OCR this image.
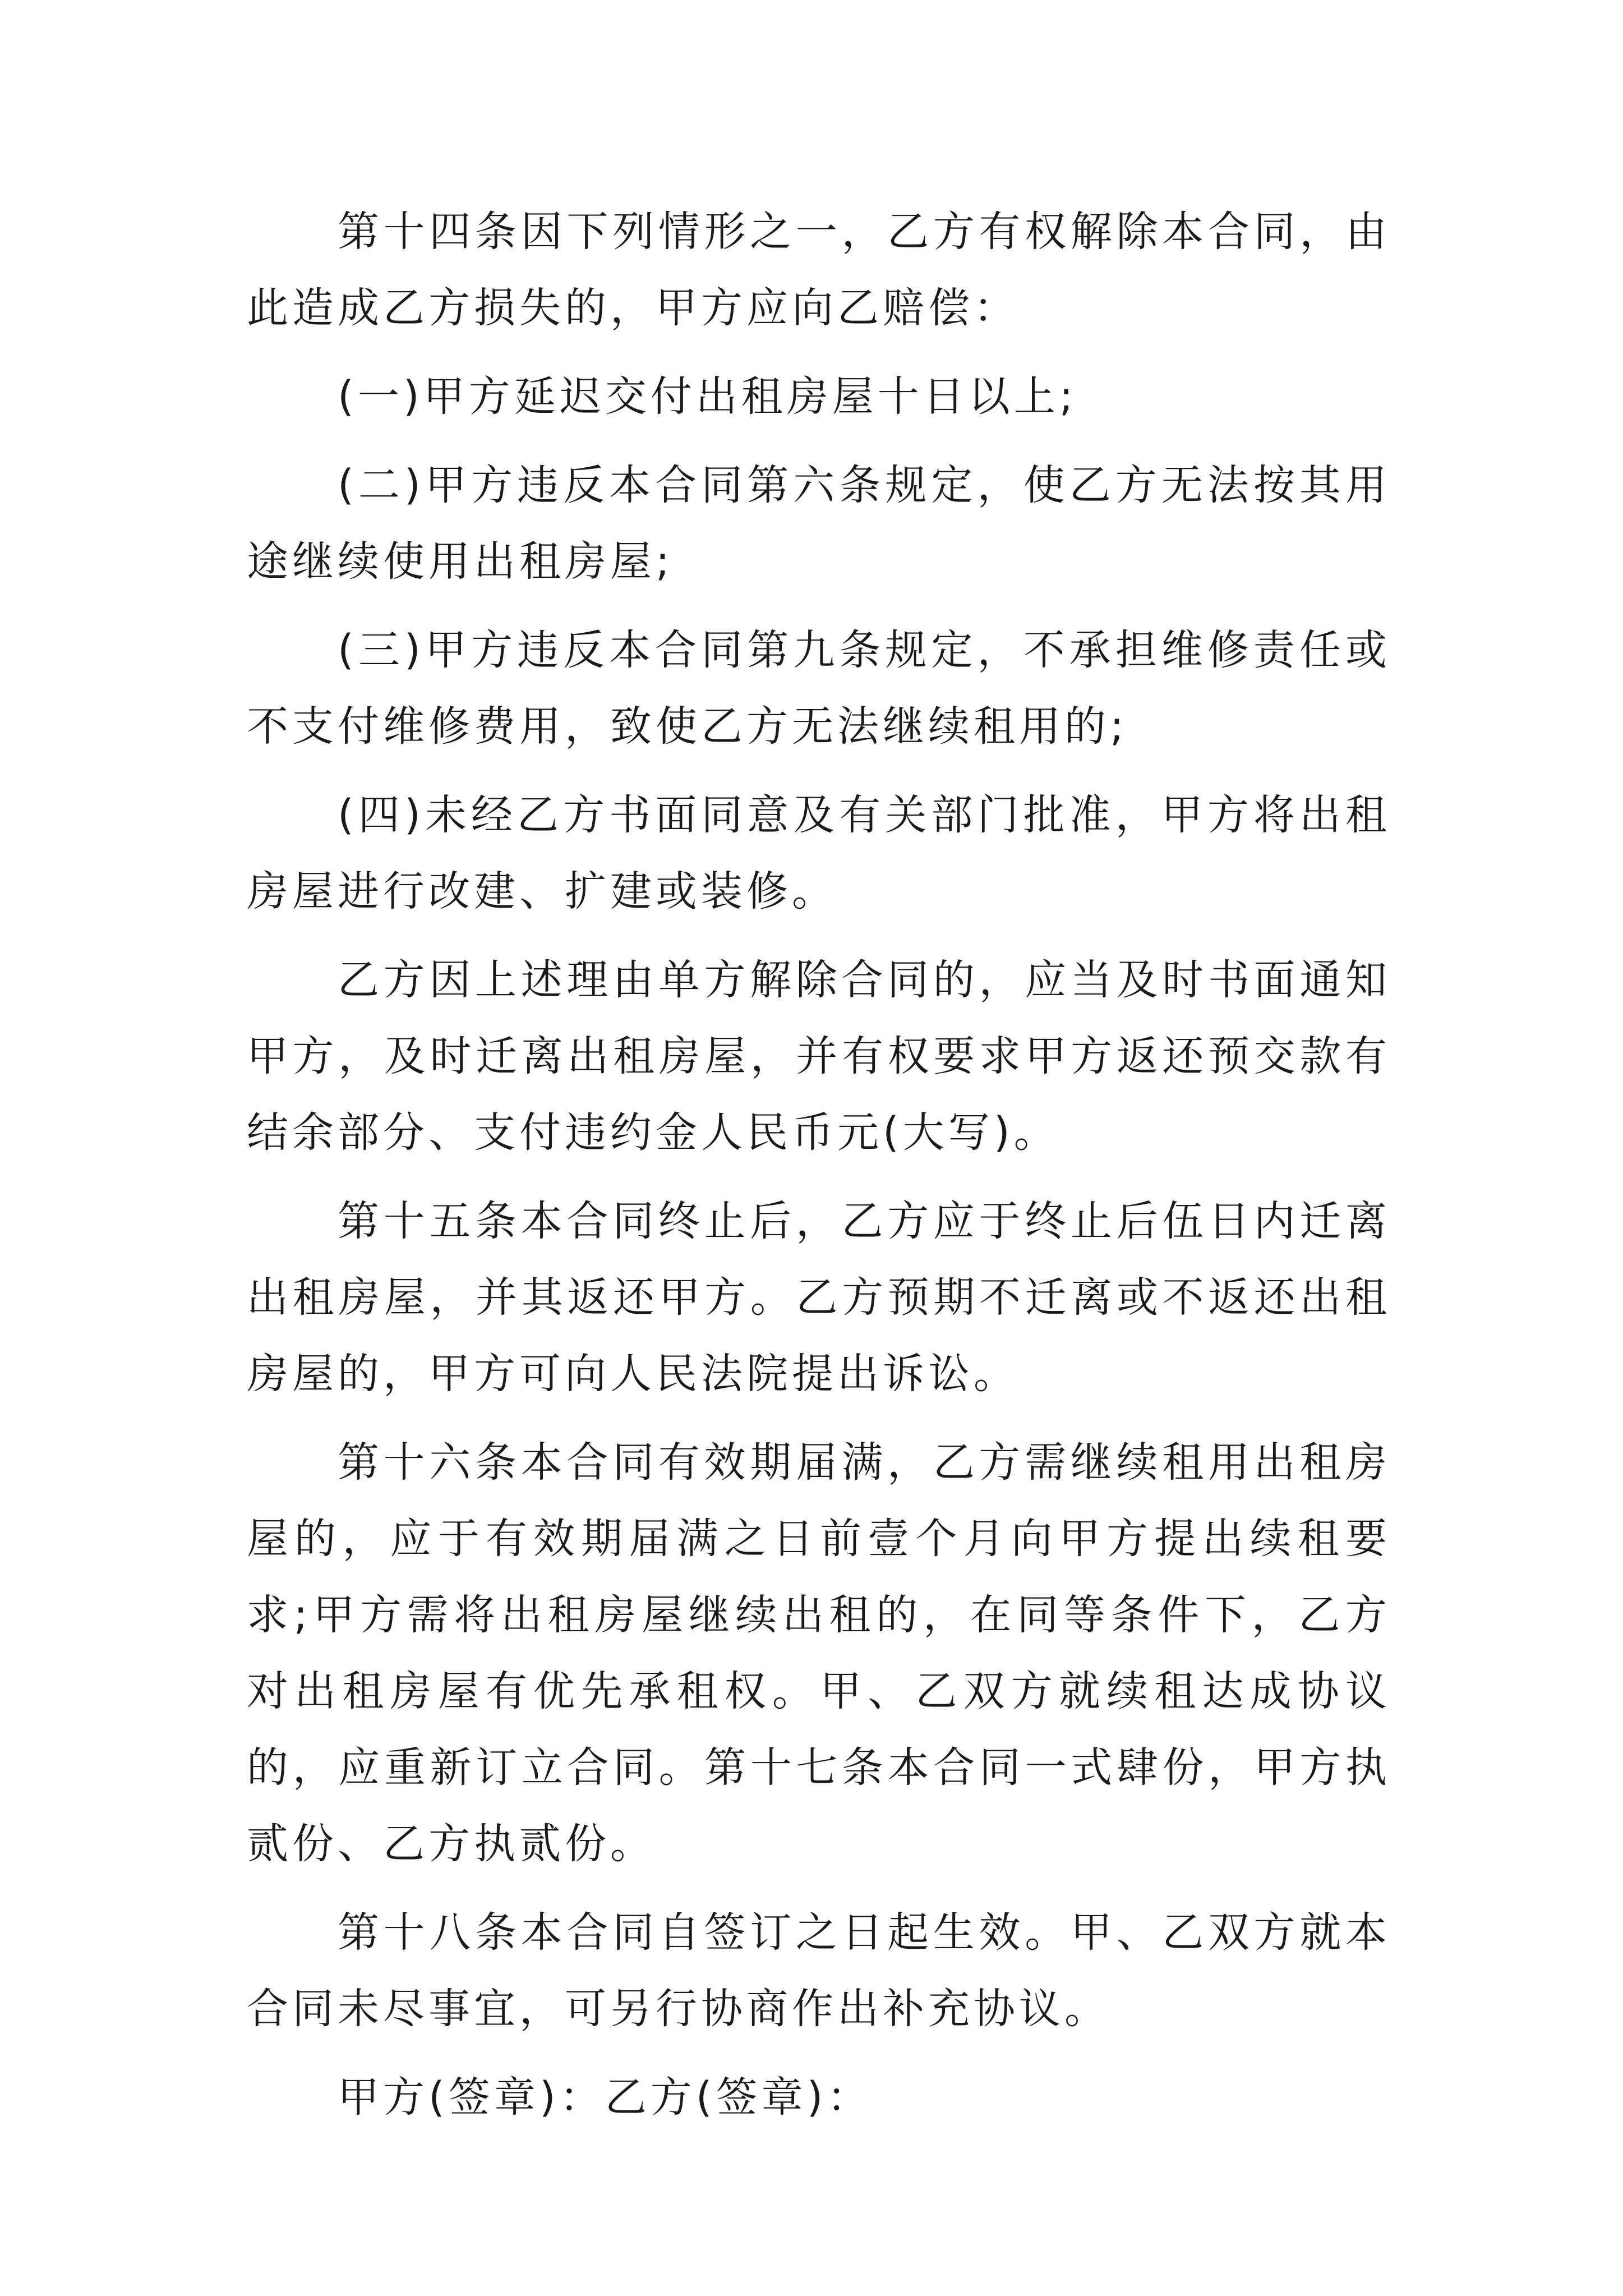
第十四条因下列情形之一，乙方有权解除本合同，由此造成乙方损失的，甲方应向乙赔偿：

(一)甲方延迟交付出租房屋十日以上;

(二)甲方违反本合同第六条规定，使乙方无法按其用途继续使用出租房屋;

(三)甲方违反本合同第九条规定，不承担维修责任或不支付维修费用，致使乙方无法继续租用的;

(四)未经乙方书面同意及有关部门批准，甲方将出租房屋进行改建、扩建或装修。

乙方因上述理由单方解除合同的，应当及时书面通知甲方，及时迁离出租房屋，并有权要求甲方返还预交款有结余部分、支付违约金人民币元(大写)。

第十五条本合同终止后，乙方应于终止后伍日内迁离出租房屋，并其返还甲方。乙方预期不迁离或不返还出租房屋的，甲方可向人民法院提出诉讼。

第十六条本合同有效期届满，乙方需继续租用出租房屋的，应于有效期届满之日前壹个月向甲方提出续租要求;甲方需将出租房屋继续出租的，在同等条件下，乙方对出租房屋有优先承租权。甲、乙双方就续租达成协议的，应重新订立合同。第十七条本合同一式肆份，甲方执贰份、乙方执贰份。

第十八条本合同自签订之日起生效。甲、乙双方就本合同未尽事宜，可另行协商作出补充协议。

甲方(签章)：乙方(签章)：
